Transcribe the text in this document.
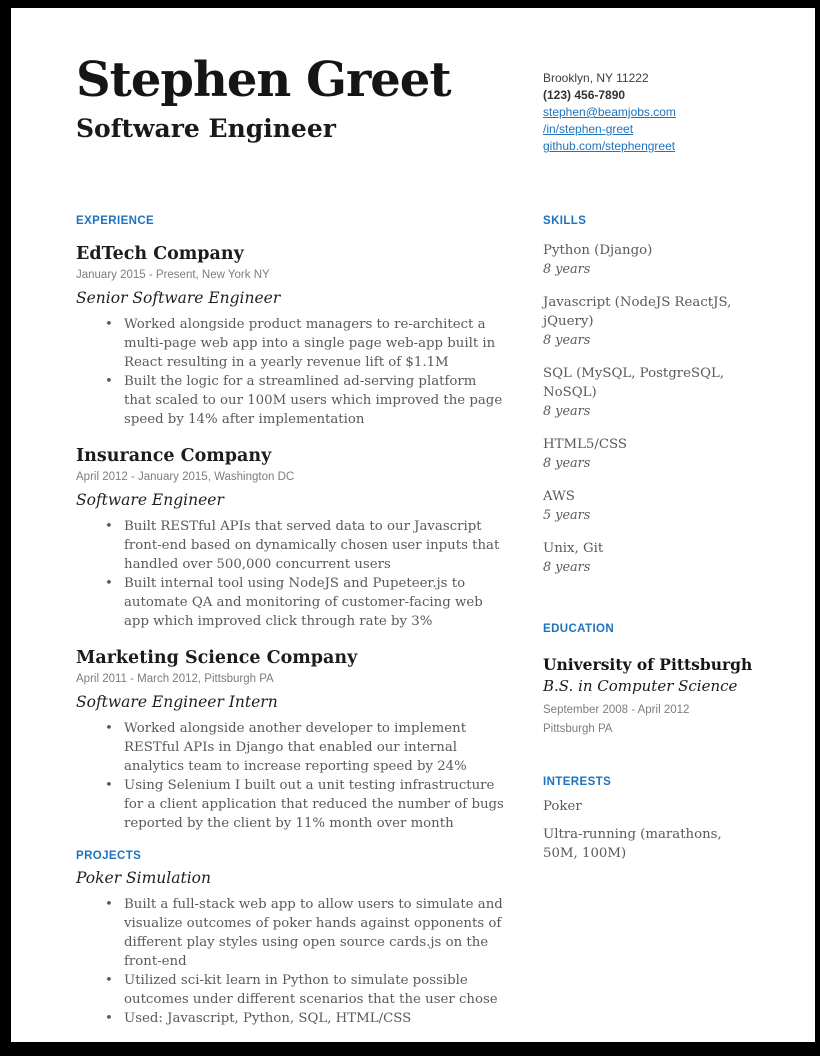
Stephen Greet
Software Engineer
Brooklyn, NY 11222
(123) 456-7890
stephen@beamjobs.com
/in/stephen-greet
github.com/stephengreet
EXPERIENCE
EdTech Company
January 2015 - Present, New York NY
Senior Software Engineer
• Worked alongside product managers to re-architect a multi-page web app into a single page web-app built in React resulting in a yearly revenue lift of $1.1M
• Built the logic for a streamlined ad-serving platform that scaled to our 100M users which improved the page speed by 14% after implementation
Insurance Company
April 2012 - January 2015, Washington DC
Software Engineer
• Built RESTful APIs that served data to our Javascript front-end based on dynamically chosen user inputs that handled over 500,000 concurrent users
• Built internal tool using NodeJS and Pupeteer.js to automate QA and monitoring of customer-facing web app which improved click through rate by 3%
Marketing Science Company
April 2011 - March 2012, Pittsburgh PA
Software Engineer Intern
• Worked alongside another developer to implement RESTful APIs in Django that enabled our internal analytics team to increase reporting speed by 24%
• Using Selenium I built out a unit testing infrastructure for a client application that reduced the number of bugs reported by the client by 11% month over month
PROJECTS
Poker Simulation
• Built a full-stack web app to allow users to simulate and visualize outcomes of poker hands against opponents of different play styles using open source cards.js on the front-end
• Utilized sci-kit learn in Python to simulate possible outcomes under different scenarios that the user chose
• Used: Javascript, Python, SQL, HTML/CSS
SKILLS
Python (Django)
8 years
Javascript (NodeJS ReactJS, jQuery)
8 years
SQL (MySQL, PostgreSQL, NoSQL)
8 years
HTML5/CSS
8 years
AWS
5 years
Unix, Git
8 years
EDUCATION
University of Pittsburgh
B.S. in Computer Science
September 2008 - April 2012
Pittsburgh PA
INTERESTS
Poker
Ultra-running (marathons, 50M, 100M)
